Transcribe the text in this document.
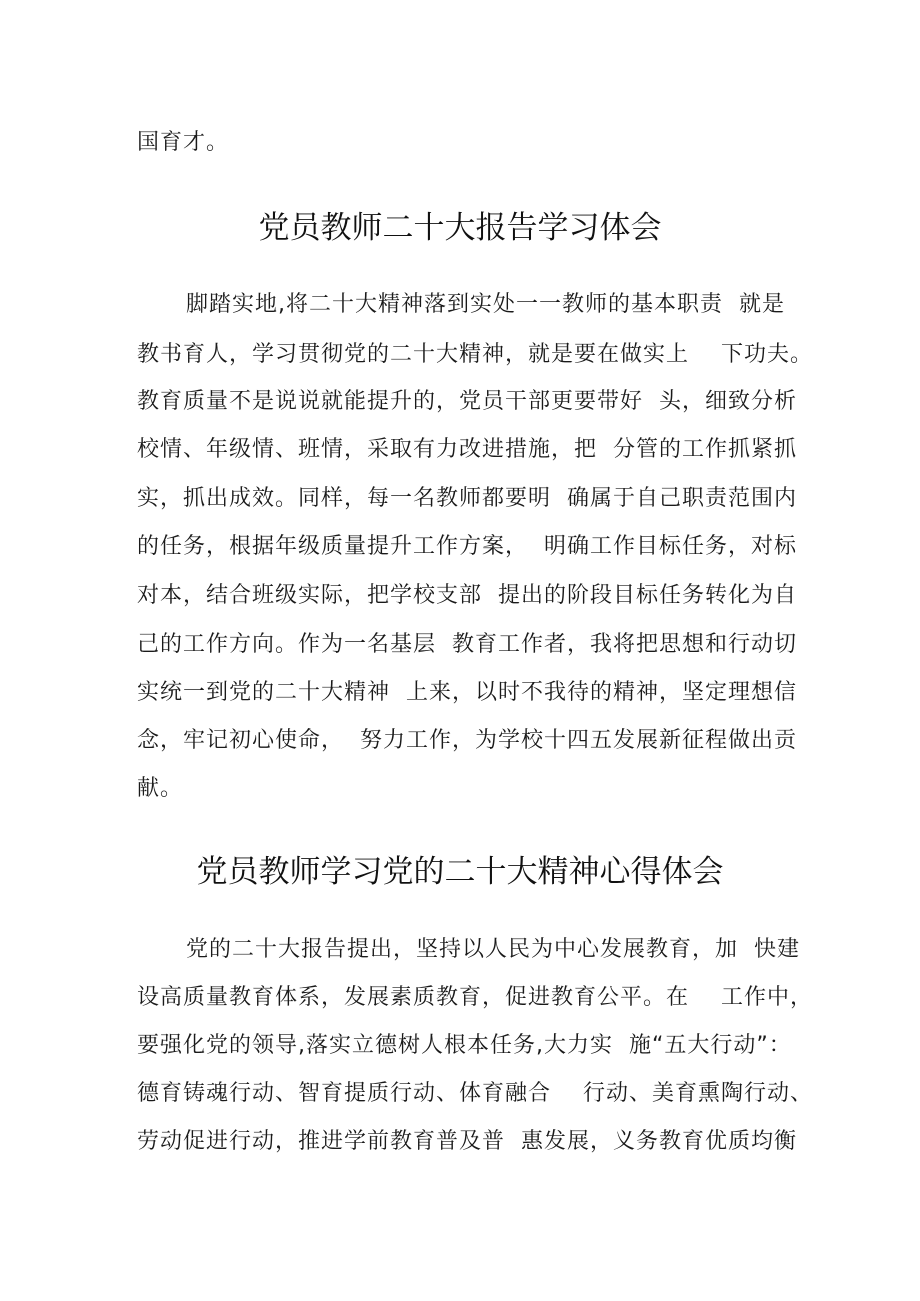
国育才。
党员教师二十大报告学习体会
脚踏实地,将二十大精神落到实处一一教师的基本职责  就是
教书育人，学习贯彻党的二十大精神，就是要在做实上    下功夫。
教育质量不是说说就能提升的，党员干部更要带好  头，细致分析
校情、年级情、班情，采取有力改进措施，把  分管的工作抓紧抓
实，抓出成效。同样，每一名教师都要明  确属于自己职责范围内
的任务，根据年级质量提升工作方案，  明确工作目标任务，对标
对本，结合班级实际，把学校支部  提出的阶段目标任务转化为自
己的工作方向。作为一名基层  教育工作者，我将把思想和行动切
实统一到党的二十大精神  上来，以时不我待的精神，坚定理想信
念，牢记初心使命，  努力工作，为学校十四五发展新征程做出贡
献。
党员教师学习党的二十大精神心得体会
党的二十大报告提出，坚持以人民为中心发展教育，加  快建
设高质量教育体系，发展素质教育，促进教育公平。在    工作中，
要强化党的领导,落实立德树人根本任务,大力实  施“五大行动”：
德育铸魂行动、智育提质行动、体育融合    行动、美育熏陶行动、
劳动促进行动，推进学前教育普及普  惠发展，义务教育优质均衡
